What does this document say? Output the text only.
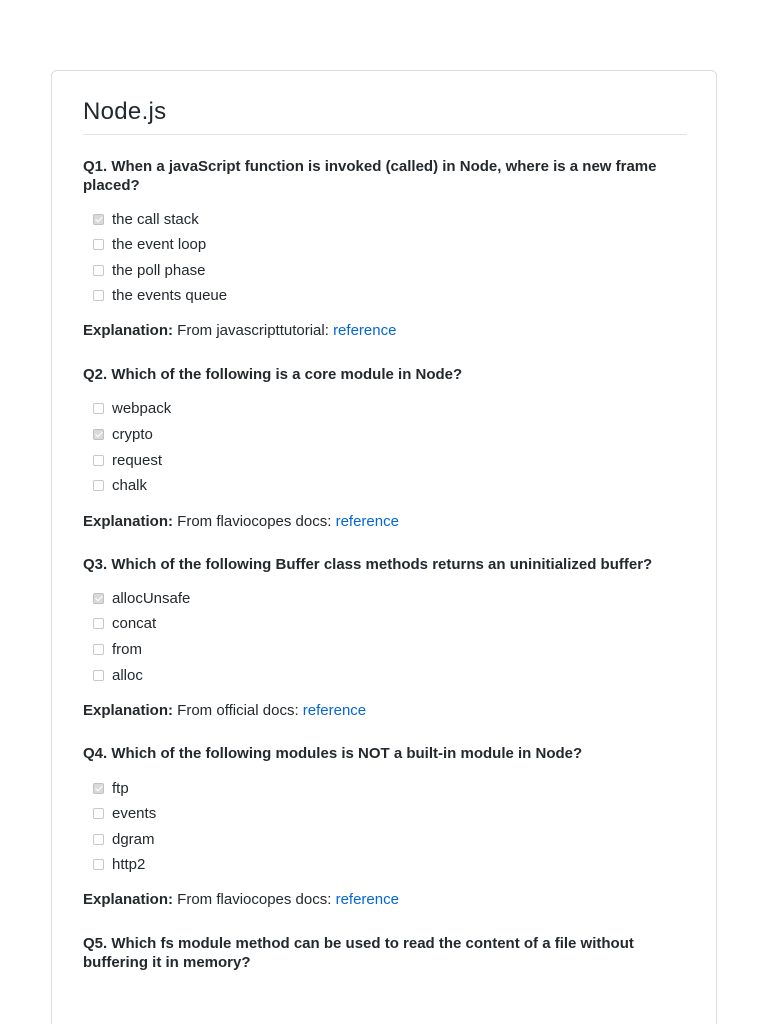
Node.js
Q1. When a javaScript function is invoked (called) in Node, where is a new frame placed?
the call stack
the event loop
the poll phase
the events queue
Explanation: From javascripttutorial: reference
Q2. Which of the following is a core module in Node?
webpack
crypto
request
chalk
Explanation: From flaviocopes docs: reference
Q3. Which of the following Buffer class methods returns an uninitialized buffer?
allocUnsafe
concat
from
alloc
Explanation: From official docs: reference
Q4. Which of the following modules is NOT a built-in module in Node?
ftp
events
dgram
http2
Explanation: From flaviocopes docs: reference
Q5. Which fs module method can be used to read the content of a file without buffering it in memory?
